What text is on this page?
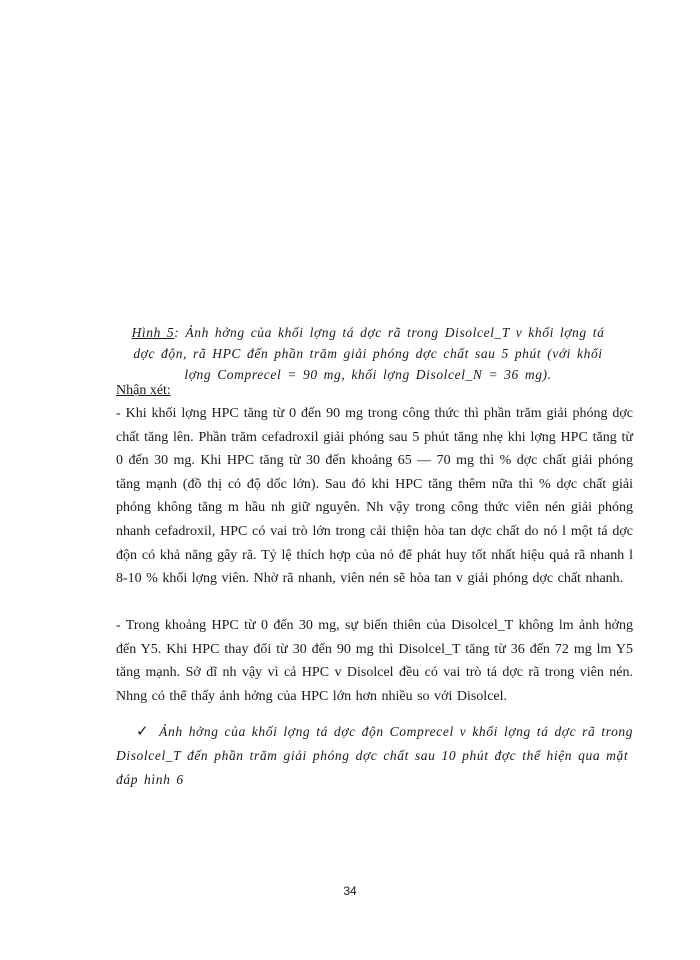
Hình 5: Ảnh hởng của khối lợng tá dợc rã trong Disolcel_T v khối lợng tá dợc độn, rã HPC đến phần trăm giải phóng dợc chất sau 5 phút (với khối lợng Comprecel = 90 mg, khối lợng Disolcel_N = 36 mg).
Nhận xét:
- Khi khối lợng HPC tăng từ 0 đến 90 mg trong công thức thì phần trăm giải phóng dợc chất tăng lên. Phần trăm cefadroxil giải phóng sau 5 phút tăng nhẹ khi lợng HPC tăng từ 0 đến 30 mg. Khi HPC tăng từ 30 đến khoảng 65 — 70 mg thì % dợc chất giải phóng tăng mạnh (đồ thị có độ dốc lớn). Sau đó khi HPC tăng thêm nữa thì % dợc chất giải phóng không tăng m hầu nh giữ nguyên. Nh vậy trong công thức viên nén giải phóng nhanh cefadroxil, HPC có vai trò lớn trong cải thiện hòa tan dợc chất do nó l một tá dợc độn có khả năng gây rã. Tỷ lệ thích hợp của nó để phát huy tốt nhất hiệu quả rã nhanh l 8-10 % khối lợng viên. Nhờ rã nhanh, viên nén sẽ hòa tan v giải phóng dợc chất nhanh.
- Trong khoảng HPC từ 0 đến 30 mg, sự biến thiên của Disolcel_T không lm ảnh hởng đến Y5. Khi HPC thay đổi từ 30 đến 90 mg thì Disolcel_T tăng từ 36 đến 72 mg lm Y5 tăng mạnh. Sở dĩ nh vậy vì cả HPC v Disolcel đều có vai trò tá dợc rã trong viên nén. Nhng có thể thấy ảnh hởng của HPC lớn hơn nhiều so với Disolcel.
✓ Ảnh hởng của khối lợng tá dợc độn Comprecel v khối lợng tá dợc rã trong Disolcel_T đến phần trăm giải phóng dợc chất sau 10 phút đợc thể hiện qua mặt đáp hình 6
34
